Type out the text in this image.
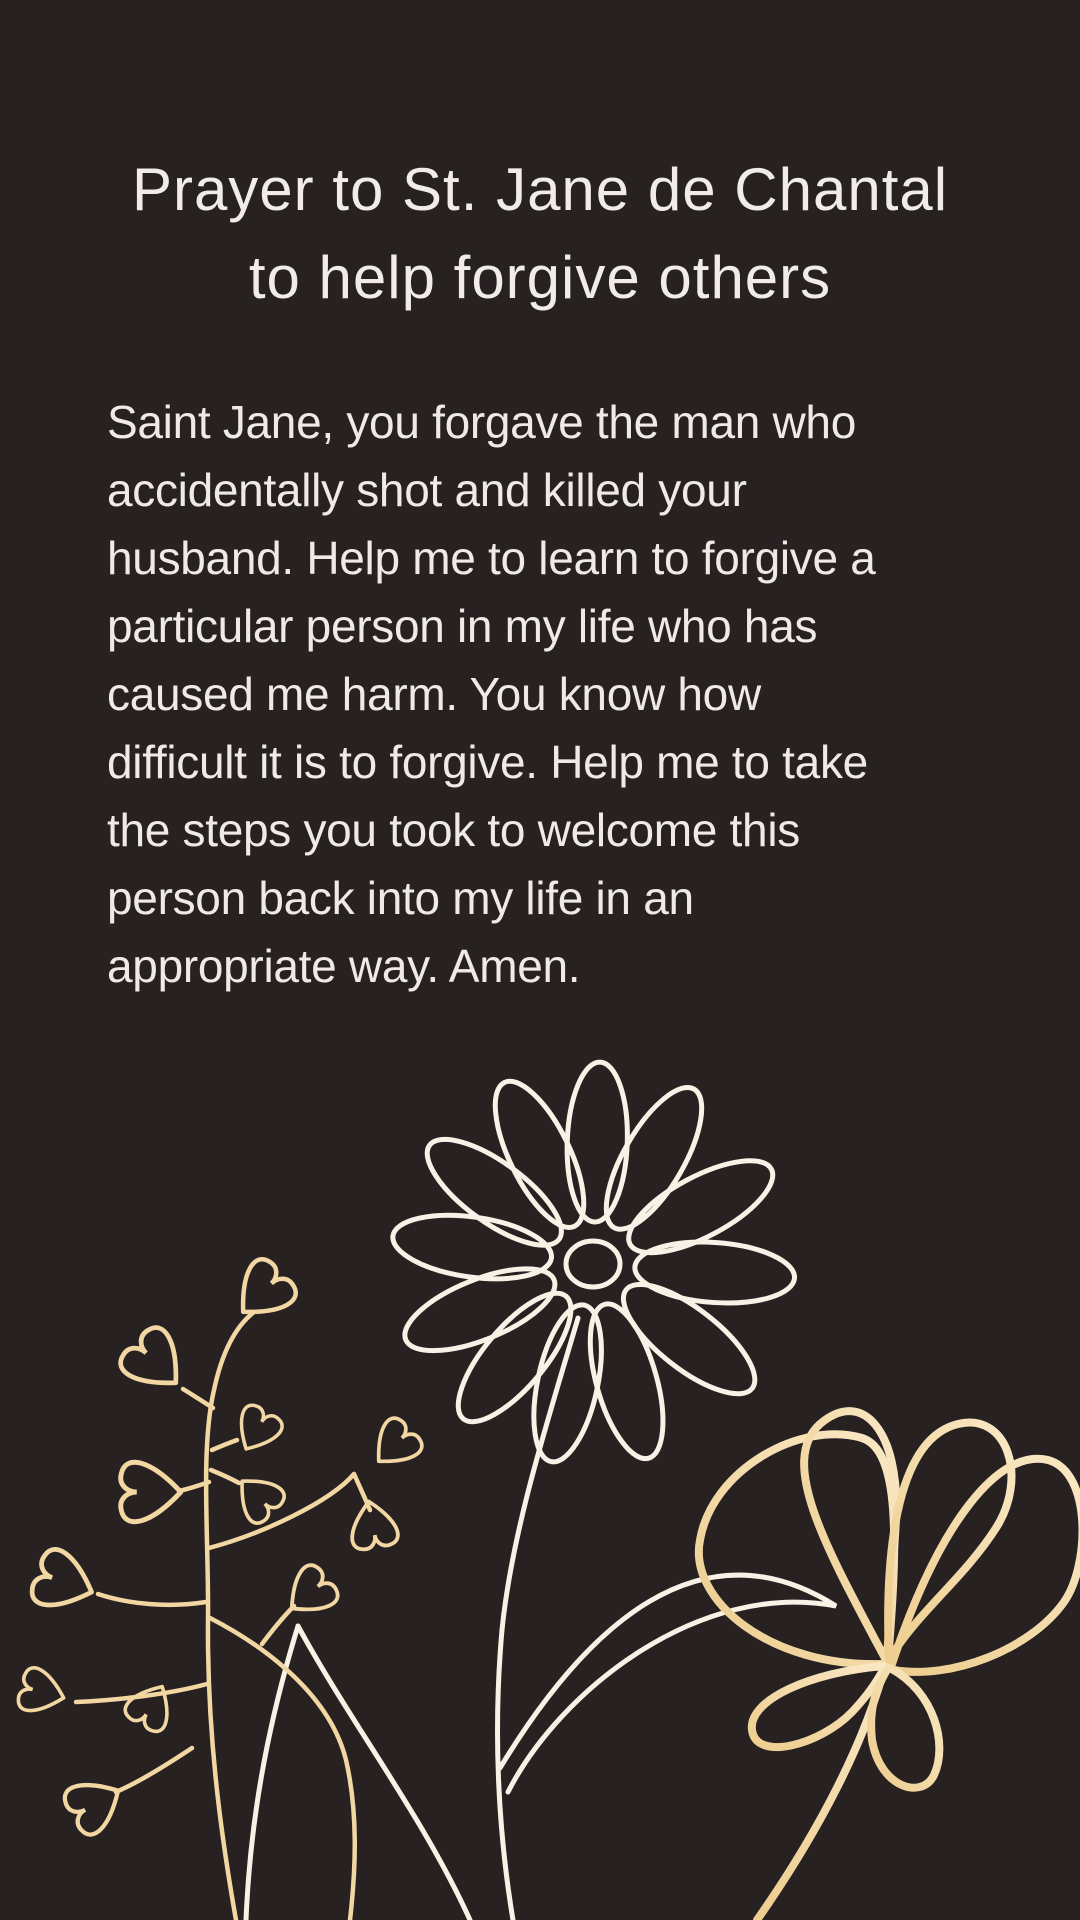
Prayer to St. Jane de Chantal
to help forgive others
Saint Jane, you forgave the man who
accidentally shot and killed your
husband. Help me to learn to forgive a
particular person in my life who has
caused me harm. You know how
difficult it is to forgive. Help me to take
the steps you took to welcome this
person back into my life in an
appropriate way. Amen.
